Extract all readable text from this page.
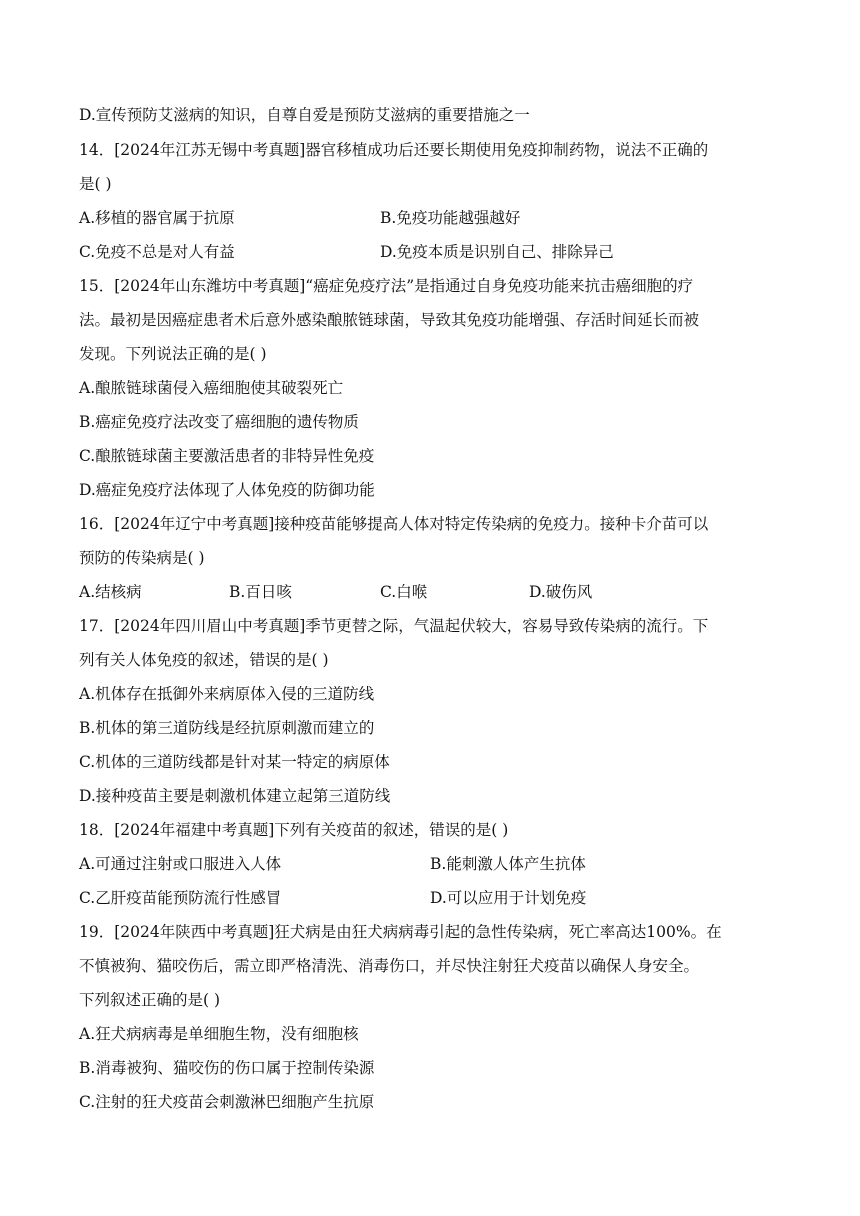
D.宣传预防艾滋病的知识，自尊自爱是预防艾滋病的重要措施之一
14．[2024年江苏无锡中考真题]器官移植成功后还要长期使用免疫抑制药物，说法不正确的
是( )
A.移植的器官属于抗原	B.免疫功能越强越好
C.免疫不总是对人有益	D.免疫本质是识别自己、排除异己
15．[2024年山东潍坊中考真题]“癌症免疫疗法”是指通过自身免疫功能来抗击癌细胞的疗
法。最初是因癌症患者术后意外感染酿脓链球菌，导致其免疫功能增强、存活时间延长而被
发现。下列说法正确的是( )
A.酿脓链球菌侵入癌细胞使其破裂死亡
B.癌症免疫疗法改变了癌细胞的遗传物质
C.酿脓链球菌主要激活患者的非特异性免疫
D.癌症免疫疗法体现了人体免疫的防御功能
16．[2024年辽宁中考真题]接种疫苗能够提高人体对特定传染病的免疫力。接种卡介苗可以
预防的传染病是( )
A.结核病	B.百日咳	C.白喉	D.破伤风
17．[2024年四川眉山中考真题]季节更替之际，气温起伏较大，容易导致传染病的流行。下
列有关人体免疫的叙述，错误的是( )
A.机体存在抵御外来病原体入侵的三道防线
B.机体的第三道防线是经抗原刺激而建立的
C.机体的三道防线都是针对某一特定的病原体
D.接种疫苗主要是刺激机体建立起第三道防线
18．[2024年福建中考真题]下列有关疫苗的叙述，错误的是( )
A.可通过注射或口服进入人体	B.能刺激人体产生抗体
C.乙肝疫苗能预防流行性感冒	D.可以应用于计划免疫
19．[2024年陕西中考真题]狂犬病是由狂犬病病毒引起的急性传染病，死亡率高达100%。在
不慎被狗、猫咬伤后，需立即严格清洗、消毒伤口，并尽快注射狂犬疫苗以确保人身安全。
下列叙述正确的是( )
A.狂犬病病毒是单细胞生物，没有细胞核
B.消毒被狗、猫咬伤的伤口属于控制传染源
C.注射的狂犬疫苗会刺激淋巴细胞产生抗原
